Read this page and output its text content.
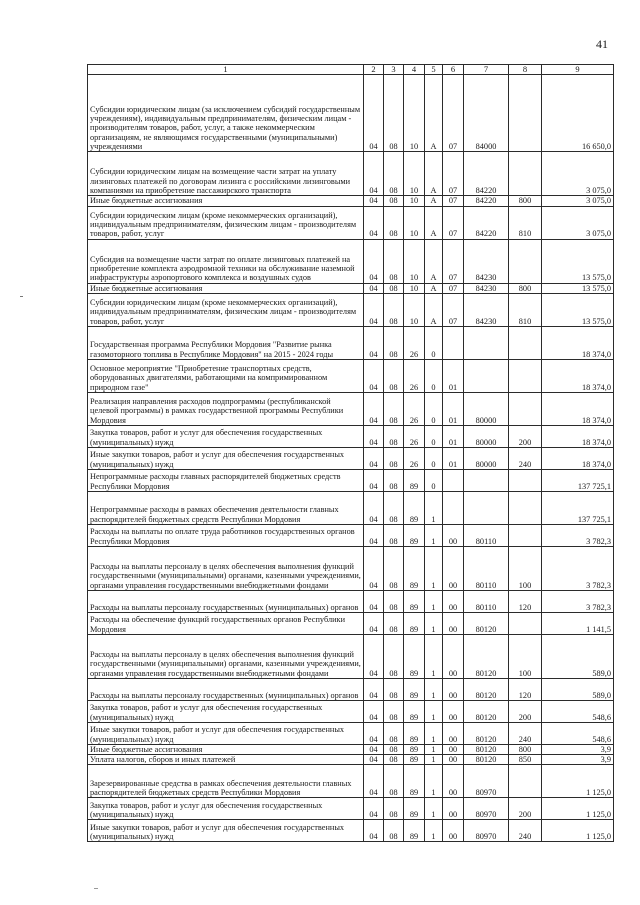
41
1	2	3	4	5	6	7	8	9
Субсидии юридическим лицам (за исключением субсидий государственным учреждениям), индивидуальным предпринимателям, физическим лицам - производителям товаров, работ, услуг, а также некоммерческим организациям, не являющимся государственными (муниципальными) учреждениями	04	08	10	А	07	84000		16 650,0
Субсидии юридическим лицам на возмещение части затрат на уплату лизинговых платежей по договорам лизинга с российскими лизинговыми компаниями на приобретение пассажирского транспорта	04	08	10	А	07	84220		3 075,0
Иные бюджетные ассигнования	04	08	10	А	07	84220	800	3 075,0
Субсидии юридическим лицам (кроме некоммерческих организаций), индивидуальным предпринимателям, физическим лицам - производителям товаров, работ, услуг	04	08	10	А	07	84220	810	3 075,0
Субсидия на возмещение части затрат по оплате лизинговых платежей на приобретение комплекта аэродромной техники на обслуживание наземной инфраструктуры аэропортового комплекса и воздушных судов	04	08	10	А	07	84230		13 575,0
Иные бюджетные ассигнования	04	08	10	А	07	84230	800	13 575,0
Субсидии юридическим лицам (кроме некоммерческих организаций), индивидуальным предпринимателям, физическим лицам - производителям товаров, работ, услуг	04	08	10	А	07	84230	810	13 575,0
Государственная программа Республики Мордовия "Развитие рынка газомоторного топлива в Республике Мордовия" на 2015 - 2024 годы	04	08	26	0				18 374,0
Основное мероприятие "Приобретение транспортных средств, оборудованных двигателями, работающими на компримированном природном газе"	04	08	26	0	01			18 374,0
Реализация направления расходов подпрограммы (республиканской целевой программы) в рамках государственной программы Республики Мордовия	04	08	26	0	01	80000		18 374,0
Закупка товаров, работ и услуг для обеспечения государственных (муниципальных) нужд	04	08	26	0	01	80000	200	18 374,0
Иные закупки товаров, работ и услуг для обеспечения государственных (муниципальных) нужд	04	08	26	0	01	80000	240	18 374,0
Непрограммные расходы главных распорядителей бюджетных средств Республики Мордовия	04	08	89	0				137 725,1
Непрограммные расходы в рамках обеспечения деятельности главных распорядителей бюджетных средств Республики Мордовия	04	08	89	1				137 725,1
Расходы на выплаты по оплате труда работников государственных органов Республики Мордовия	04	08	89	1	00	80110		3 782,3
Расходы на выплаты персоналу в целях обеспечения выполнения функций государственными (муниципальными) органами, казенными учреждениями, органами управления государственными внебюджетными фондами	04	08	89	1	00	80110	100	3 782,3
Расходы на выплаты персоналу государственных (муниципальных) органов	04	08	89	1	00	80110	120	3 782,3
Расходы на обеспечение функций государственных органов Республики Мордовия	04	08	89	1	00	80120		1 141,5
Расходы на выплаты персоналу в целях обеспечения выполнения функций государственными (муниципальными) органами, казенными учреждениями, органами управления государственными внебюджетными фондами	04	08	89	1	00	80120	100	589,0
Расходы на выплаты персоналу государственных (муниципальных) органов	04	08	89	1	00	80120	120	589,0
Закупка товаров, работ и услуг для обеспечения государственных (муниципальных) нужд	04	08	89	1	00	80120	200	548,6
Иные закупки товаров, работ и услуг для обеспечения государственных (муниципальных) нужд	04	08	89	1	00	80120	240	548,6
Иные бюджетные ассигнования	04	08	89	1	00	80120	800	3,9
Уплата налогов, сборов и иных платежей	04	08	89	1	00	80120	850	3,9
Зарезервированные средства в рамках обеспечения деятельности главных распорядителей бюджетных средств Республики Мордовия	04	08	89	1	00	80970		1 125,0
Закупка товаров, работ и услуг для обеспечения государственных (муниципальных) нужд	04	08	89	1	00	80970	200	1 125,0
Иные закупки товаров, работ и услуг для обеспечения государственных (муниципальных) нужд	04	08	89	1	00	80970	240	1 125,0
